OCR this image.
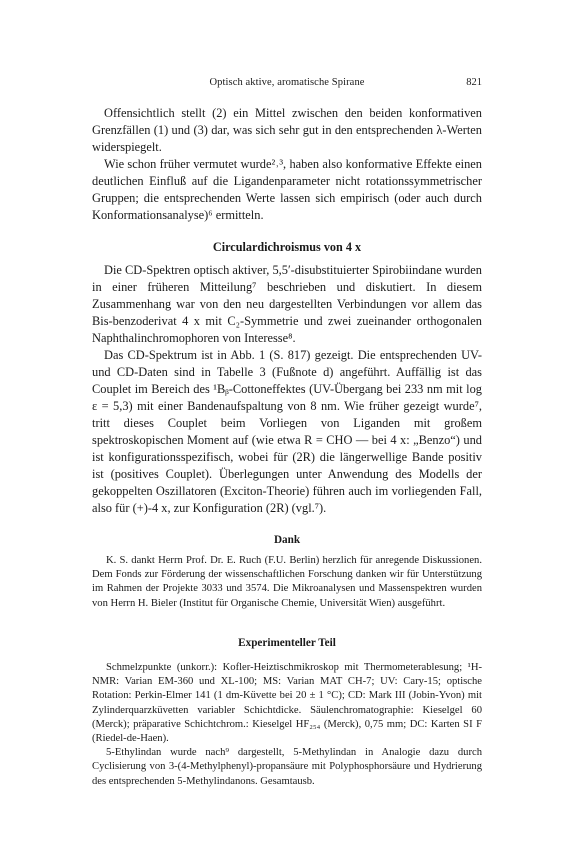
Optisch aktive, aromatische Spirane	821

Offensichtlich stellt (2) ein Mittel zwischen den beiden konformativen Grenzfällen (1) und (3) dar, was sich sehr gut in den entsprechenden λ-Werten widerspiegelt.

Wie schon früher vermutet wurde²˒³, haben also konformative Effekte einen deutlichen Einfluß auf die Ligandenparameter nicht rotationssymmetrischer Gruppen; die entsprechenden Werte lassen sich empirisch (oder auch durch Konformationsanalyse)⁶ ermitteln.

Circulardichroismus von 4 x

Die CD-Spektren optisch aktiver, 5,5′-disubstituierter Spirobiindane wurden in einer früheren Mitteilung⁷ beschrieben und diskutiert. In diesem Zusammenhang war von den neu dargestellten Verbindungen vor allem das Bis-benzoderivat 4 x mit C₂-Symmetrie und zwei zueinander orthogonalen Naphthalinchromophoren von Interesse⁸.

Das CD-Spektrum ist in Abb. 1 (S. 817) gezeigt. Die entsprechenden UV- und CD-Daten sind in Tabelle 3 (Fußnote d) angeführt. Auffällig ist das Couplet im Bereich des ¹Bᵦ-Cottoneffektes (UV-Übergang bei 233 nm mit log ε = 5,3) mit einer Bandenaufspaltung von 8 nm. Wie früher gezeigt wurde⁷, tritt dieses Couplet beim Vorliegen von Liganden mit großem spektroskopischen Moment auf (wie etwa R = CHO — bei 4 x: „Benzo“) und ist konfigurationsspezifisch, wobei für (2R) die längerwellige Bande positiv ist (positives Couplet). Überlegungen unter Anwendung des Modells der gekoppelten Oszillatoren (Exciton-Theorie) führen auch im vorliegenden Fall, also für (+)-4 x, zur Konfiguration (2R) (vgl.⁷).

Dank

K. S. dankt Herrn Prof. Dr. E. Ruch (F.U. Berlin) herzlich für anregende Diskussionen. Dem Fonds zur Förderung der wissenschaftlichen Forschung danken wir für Unterstützung im Rahmen der Projekte 3033 und 3574. Die Mikroanalysen und Massenspektren wurden von Herrn H. Bieler (Institut für Organische Chemie, Universität Wien) ausgeführt.

Experimenteller Teil

Schmelzpunkte (unkorr.): Kofler-Heiztischmikroskop mit Thermometerablesung; ¹H-NMR: Varian EM-360 und XL-100; MS: Varian MAT CH-7; UV: Cary-15; optische Rotation: Perkin-Elmer 141 (1 dm-Küvette bei 20 ± 1 °C); CD: Mark III (Jobin-Yvon) mit Zylinderquarzküvetten variabler Schichtdicke. Säulenchromatographie: Kieselgel 60 (Merck); präparative Schichtchrom.: Kieselgel HF₂₅₄ (Merck), 0,75 mm; DC: Karten SI F (Riedel-de-Haen).

5-Ethylindan wurde nach⁹ dargestellt, 5-Methylindan in Analogie dazu durch Cyclisierung von 3-(4-Methylphenyl)-propansäure mit Polyphosphorsäure und Hydrierung des entsprechenden 5-Methylindanons. Gesamtausb.
